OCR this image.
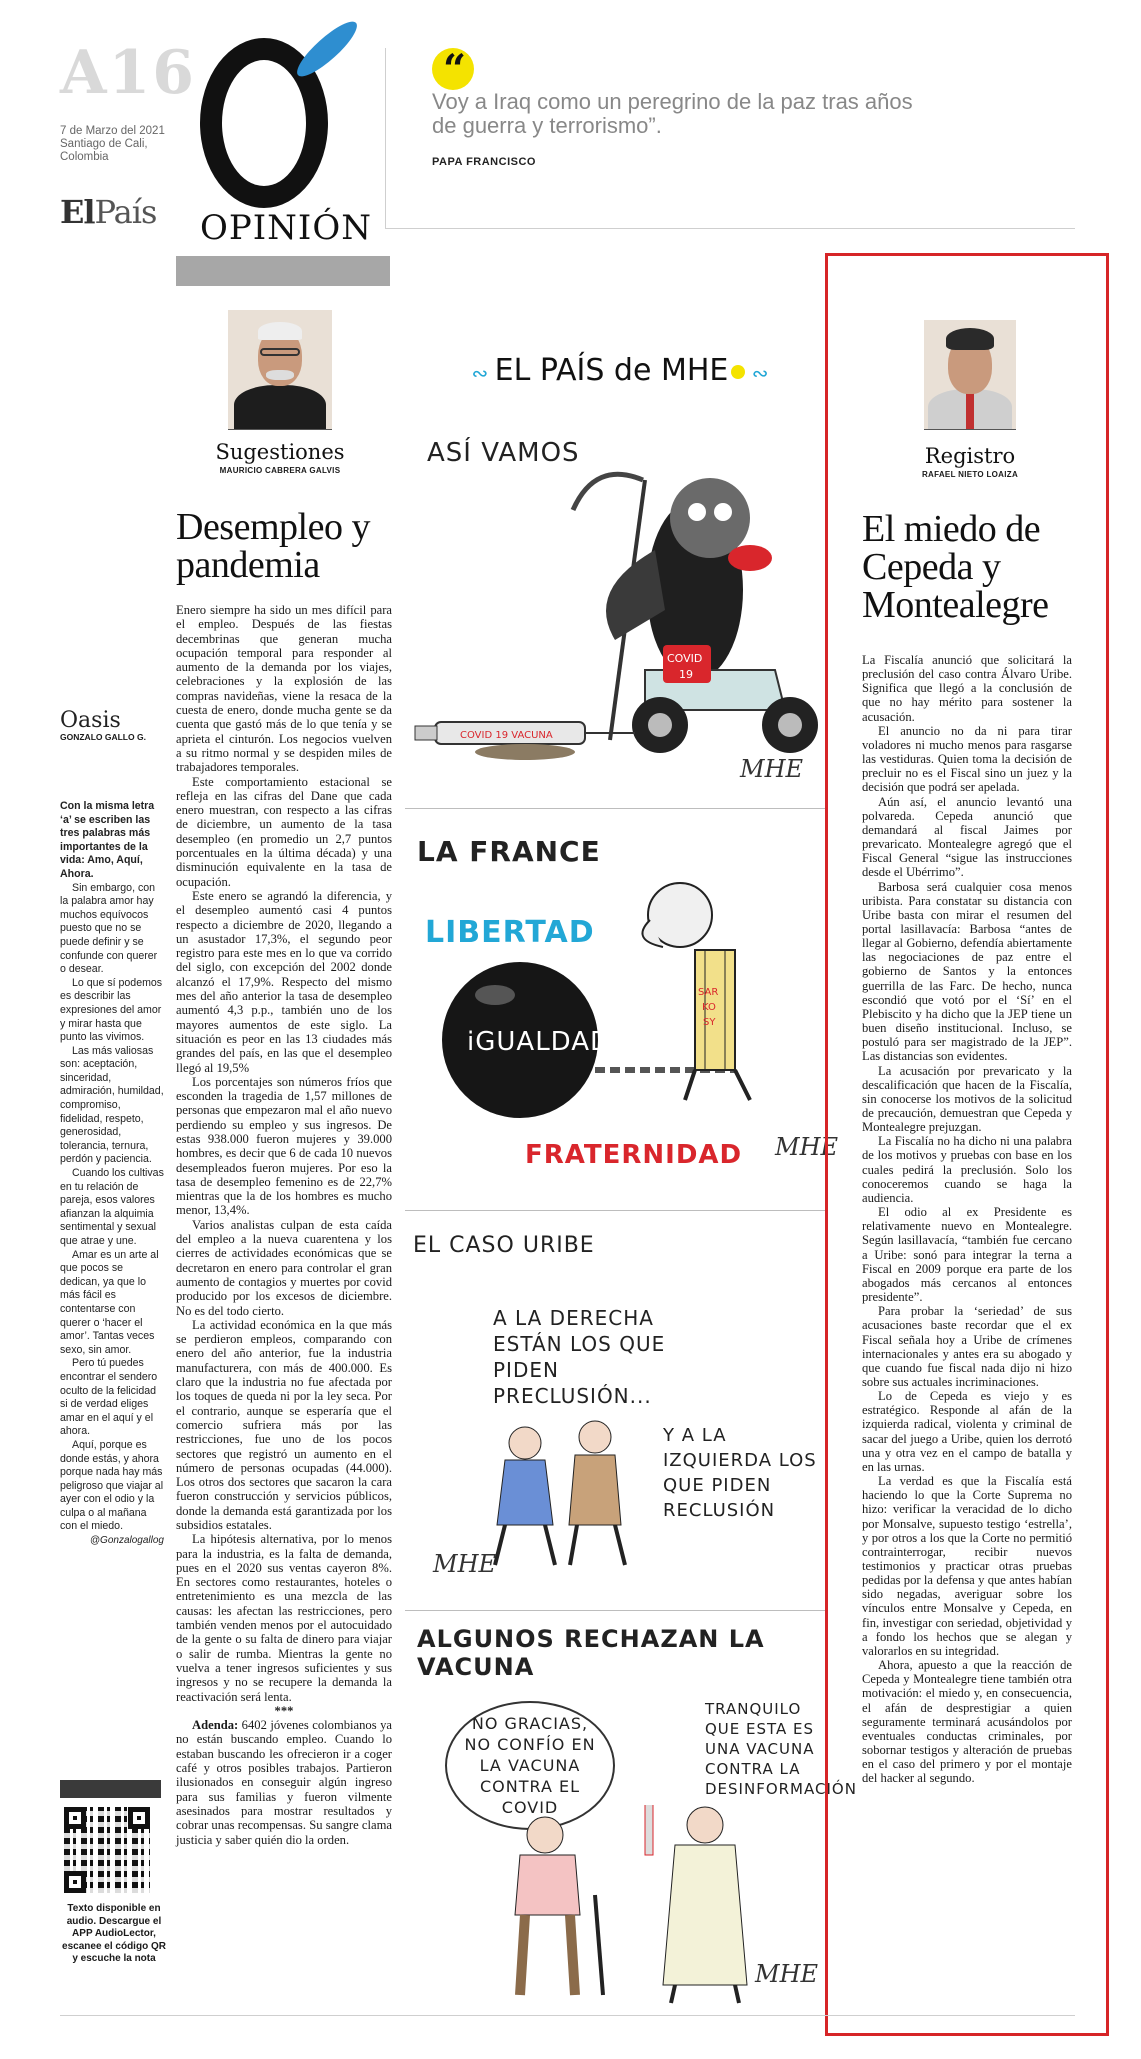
A16
7 de Marzo del 2021 Santiago de Cali, Colombia
ElPaís OPINIÓN
“
Voy a Iraq como un peregrino de la paz tras años de guerra y terrorismo”.
PAPA FRANCISCO
Oasis
GONZALO GALLO G.

Con la misma letra ‘a’ se escriben las tres palabras más importantes de la vida: Amo, Aquí, Ahora.

Sin embargo, con la palabra amor hay muchos equívocos puesto que no se puede definir y se confunde con querer o desear.

Lo que sí podemos es describir las expresiones del amor y mirar hasta que punto las vivimos.

Las más valiosas son: aceptación, sinceridad, admiración, humildad, compromiso, fidelidad, respeto, generosidad, tolerancia, ternura, perdón y paciencia.

Cuando los cultivas en tu relación de pareja, esos valores afianzan la alquimia sentimental y sexual que atrae y une.

Amar es un arte al que pocos se dedican, ya que lo más fácil es contentarse con querer o ‘hacer el amor’. Tantas veces sexo, sin amor.

Pero tú puedes encontrar el sendero oculto de la felicidad si de verdad eliges amar en el aquí y el ahora.

Aquí, porque es donde estás, y ahora porque nada hay más peligroso que viajar al ayer con el odio y la culpa o al mañana con el miedo.

@Gonzalogallog
Texto disponible en audio. Descargue el APP AudioLector, escanee el código QR y escuche la nota
Sugestiones
MAURICIO CABRERA GALVIS
Desempleo y pandemia

Enero siempre ha sido un mes difícil para el empleo. Después de las fiestas decembrinas que generan mucha ocupación temporal para responder al aumento de la demanda por los viajes, celebraciones y la explosión de las compras navideñas, viene la resaca de la cuesta de enero, donde mucha gente se da cuenta que gastó más de lo que tenía y se aprieta el cinturón. Los negocios vuelven a su ritmo normal y se despiden miles de trabajadores temporales.

Este comportamiento estacional se refleja en las cifras del Dane que cada enero muestran, con respecto a las cifras de diciembre, un aumento de la tasa desempleo (en promedio un 2,7 puntos porcentuales en la última década) y una disminución equivalente en la tasa de ocupación.

Este enero se agrandó la diferencia, y el desempleo aumentó casi 4 puntos respecto a diciembre de 2020, llegando a un asustador 17,3%, el segundo peor registro para este mes en lo que va corrido del siglo, con excepción del 2002 donde alcanzó el 17,9%. Respecto del mismo mes del año anterior la tasa de desempleo aumentó 4,3 p.p., también uno de los mayores aumentos de este siglo. La situación es peor en las 13 ciudades más grandes del país, en las que el desempleo llegó al 19,5%

Los porcentajes son números fríos que esconden la tragedia de 1,57 millones de personas que empezaron mal el año nuevo perdiendo su empleo y sus ingresos. De estas 938.000 fueron mujeres y 39.000 hombres, es decir que 6 de cada 10 nuevos desempleados fueron mujeres. Por eso la tasa de desempleo femenino es de 22,7% mientras que la de los hombres es mucho menor, 13,4%.

Varios analistas culpan de esta caída del empleo a la nueva cuarentena y los cierres de actividades económicas que se decretaron en enero para controlar el gran aumento de contagios y muertes por covid producido por los excesos de diciembre. No es del todo cierto.

La actividad económica en la que más se perdieron empleos, comparando con enero del año anterior, fue la industria manufacturera, con más de 400.000. Es claro que la industria no fue afectada por los toques de queda ni por la ley seca. Por el contrario, aunque se esperaría que el comercio sufriera más por las restricciones, fue uno de los pocos sectores que registró un aumento en el número de personas ocupadas (44.000). Los otros dos sectores que sacaron la cara fueron construcción y servicios públicos, donde la demanda está garantizada por los subsidios estatales.

La hipótesis alternativa, por lo menos para la industria, es la falta de demanda, pues en el 2020 sus ventas cayeron 8%. En sectores como restaurantes, hoteles o entretenimiento es una mezcla de las causas: les afectan las restricciones, pero también venden menos por el autocuidado de la gente o su falta de dinero para viajar o salir de rumba. Mientras la gente no vuelva a tener ingresos suficientes y sus ingresos y no se recupere la demanda la reactivación será lenta.

***

Adenda: 6402 jóvenes colombianos ya no están buscando empleo. Cuando lo estaban buscando les ofrecieron ir a coger café y otros posibles trabajos. Partieron ilusionados en conseguir algún ingreso para sus familias y fueron vilmente asesinados para mostrar resultados y cobrar unas recompensas. Su sangre clama justicia y saber quién dio la orden.

∾ EL PAÍS de MHE ∾
ASÍ VAMOS
COVID
19
COVID 19 VACUNA
MHE
LA FRANCE
LIBERTAD
SAR
KO
SY
iGUALDAD
FRATERNIDAD MHE
EL CASO URIBE
A LA DERECHA ESTÁN LOS QUE PIDEN PRECLUSIÓN...
Y A LA IZQUIERDA LOS QUE PIDEN RECLUSIÓN
MHE
ALGUNOS RECHAZAN LA VACUNA
NO GRACIAS, NO CONFÍO EN LA VACUNA CONTRA EL COVID
TRANQUILO QUE ESTA ES UNA VACUNA CONTRA LA DESINFORMACIÓN
MHE
Registro
RAFAEL NIETO LOAIZA
El miedo de Cepeda y Montealegre

La Fiscalía anunció que solicitará la preclusión del caso contra Álvaro Uribe. Significa que llegó a la conclusión de que no hay mérito para sostener la acusación.

El anuncio no da ni para tirar voladores ni mucho menos para rasgarse las vestiduras. Quien toma la decisión de precluir no es el Fiscal sino un juez y la decisión que podrá ser apelada.

Aún así, el anuncio levantó una polvareda. Cepeda anunció que demandará al fiscal Jaimes por prevaricato. Montealegre agregó que el Fiscal General “sigue las instrucciones desde el Ubérrimo”.

Barbosa será cualquier cosa menos uribista. Para constatar su distancia con Uribe basta con mirar el resumen del portal lasillavacía: Barbosa “antes de llegar al Gobierno, defendía abiertamente las negociaciones de paz entre el gobierno de Santos y la entonces guerrilla de las Farc. De hecho, nunca escondió que votó por el ‘Sí’ en el Plebiscito y ha dicho que la JEP tiene un buen diseño institucional. Incluso, se postuló para ser magistrado de la JEP”. Las distancias son evidentes.

La acusación por prevaricato y la descalificación que hacen de la Fiscalía, sin conocerse los motivos de la solicitud de precaución, demuestran que Cepeda y Montealegre prejuzgan.

La Fiscalía no ha dicho ni una palabra de los motivos y pruebas con base en los cuales pedirá la preclusión. Solo los conoceremos cuando se haga la audiencia.

El odio al ex Presidente es relativamente nuevo en Montealegre. Según lasillavacía, “también fue cercano a Uribe: sonó para integrar la terna a Fiscal en 2009 porque era parte de los abogados más cercanos al entonces presidente”.

Para probar la ‘seriedad’ de sus acusaciones baste recordar que el ex Fiscal señala hoy a Uribe de crímenes internacionales y antes era su abogado y que cuando fue fiscal nada dijo ni hizo sobre sus actuales incriminaciones.

Lo de Cepeda es viejo y es estratégico. Responde al afán de la izquierda radical, violenta y criminal de sacar del juego a Uribe, quien los derrotó una y otra vez en el campo de batalla y en las urnas.

La verdad es que la Fiscalía está haciendo lo que la Corte Suprema no hizo: verificar la veracidad de lo dicho por Monsalve, supuesto testigo ‘estrella’, y por otros a los que la Corte no permitió contrainterrogar, recibir nuevos testimonios y practicar otras pruebas pedidas por la defensa y que antes habían sido negadas, averiguar sobre los vínculos entre Monsalve y Cepeda, en fin, investigar con seriedad, objetividad y a fondo los hechos que se alegan y valorarlos en su integridad.

Ahora, apuesto a que la reacción de Cepeda y Montealegre tiene también otra motivación: el miedo y, en consecuencia, el afán de desprestigiar a quien seguramente terminará acusándolos por eventuales conductas criminales, por sobornar testigos y alteración de pruebas en el caso del primero y por el montaje del hacker al segundo.
